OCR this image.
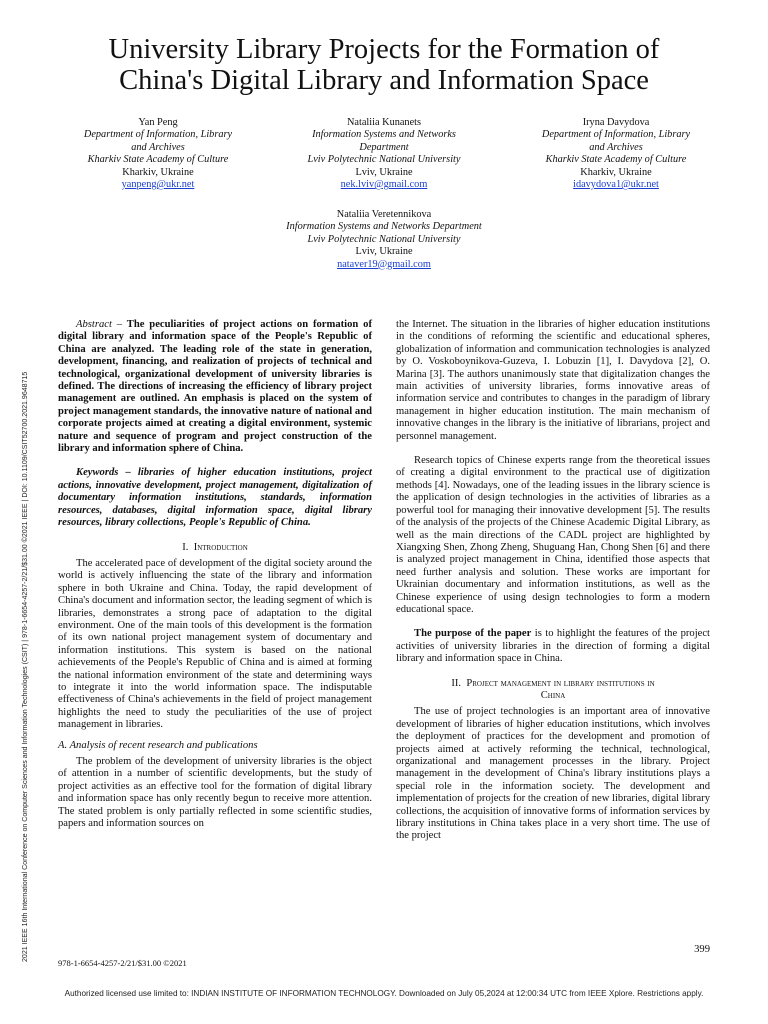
University Library Projects for the Formation of
China's Digital Library and Information Space
Yan Peng
Department of Information, Library
and Archives
Kharkiv State Academy of Culture
Kharkiv, Ukraine
yanpeng@ukr.net
Nataliia Kunanets
Information Systems and Networks
Department
Lviv Polytechnic National University
Lviv, Ukraine
nek.lviv@gmail.com
Iryna Davydova
Department of Information, Library
and Archives
Kharkiv State Academy of Culture
Kharkiv, Ukraine
idavydova1@ukr.net
Nataliia Veretennikova
Information Systems and Networks Department
Lviv Polytechnic National University
Lviv, Ukraine
nataver19@gmail.com
2021 IEEE 16th International Conference on Computer Sciences and Information Technologies (CSIT) | 978-1-6654-4257-2/21/$31.00 ©2021 IEEE | DOI: 10.1109/CSIT52700.2021.9648715

Abstract – The peculiarities of project actions on formation of digital library and information space of the People's Republic of China are analyzed. The leading role of the state in generation, development, financing, and realization of projects of technical and technological, organizational development of university libraries is defined. The directions of increasing the efficiency of library project management are outlined. An emphasis is placed on the system of project management standards, the innovative nature of national and corporate projects aimed at creating a digital environment, systemic nature and sequence of program and project construction of the library and information sphere of China.

Keywords – libraries of higher education institutions, project actions, innovative development, project management, digitalization of documentary information institutions, standards, information resources, databases, digital information space, digital library resources, library collections, People's Republic of China.

I. Introduction

The accelerated pace of development of the digital society around the world is actively influencing the state of the library and information sphere in both Ukraine and China. Today, the rapid development of China's document and information sector, the leading segment of which is libraries, demonstrates a strong pace of adaptation to the digital environment. One of the main tools of this development is the formation of its own national project management system of documentary and information institutions. This system is based on the national achievements of the People's Republic of China and is aimed at forming the national information environment of the state and determining ways to integrate it into the world information space. The indisputable effectiveness of China's achievements in the field of project management highlights the need to study the peculiarities of the use of project management in libraries.

A. Analysis of recent research and publications

The problem of the development of university libraries is the object of attention in a number of scientific developments, but the study of project activities as an effective tool for the formation of digital library and information space has only recently begun to receive more attention. The stated problem is only partially reflected in some scientific studies, papers and information sources on

the Internet. The situation in the libraries of higher education institutions in the conditions of reforming the scientific and educational spheres, globalization of information and communication technologies is analyzed by O. Voskoboynikova-Guzeva, I. Lobuzin [1], I. Davydova [2], O. Marina [3]. The authors unanimously state that digitalization changes the main activities of university libraries, forms innovative areas of information service and contributes to changes in the paradigm of library management in higher education institution. The main mechanism of innovative changes in the library is the initiative of librarians, project and personnel management.

Research topics of Chinese experts range from the theoretical issues of creating a digital environment to the practical use of digitization methods [4]. Nowadays, one of the leading issues in the library science is the application of design technologies in the activities of libraries as a powerful tool for managing their innovative development [5]. The results of the analysis of the projects of the Chinese Academic Digital Library, as well as the main directions of the CADL project are highlighted by Xiangxing Shen, Zhong Zheng, Shuguang Han, Chong Shen [6] and there is analyzed project management in China, identified those aspects that need further analysis and solution. These works are important for Ukrainian documentary and information institutions, as well as the Chinese experience of using design technologies to form a modern educational space.

The purpose of the paper is to highlight the features of the project activities of university libraries in the direction of forming a digital library and information space in China.

II. Project management in library institutions in
China

The use of project technologies is an important area of innovative development of libraries of higher education institutions, which involves the deployment of practices for the development and promotion of projects aimed at actively reforming the technical, technological, organizational and management processes in the library. Project management in the development of China's library institutions plays a special role in the information society. The development and implementation of projects for the creation of new libraries, digital library collections, the acquisition of innovative forms of information services by library institutions in China takes place in a very short time. The use of the project

399
978-1-6654-4257-2/21/$31.00 ©2021
Authorized licensed use limited to: INDIAN INSTITUTE OF INFORMATION TECHNOLOGY. Downloaded on July 05,2024 at 12:00:34 UTC from IEEE Xplore. Restrictions apply.
